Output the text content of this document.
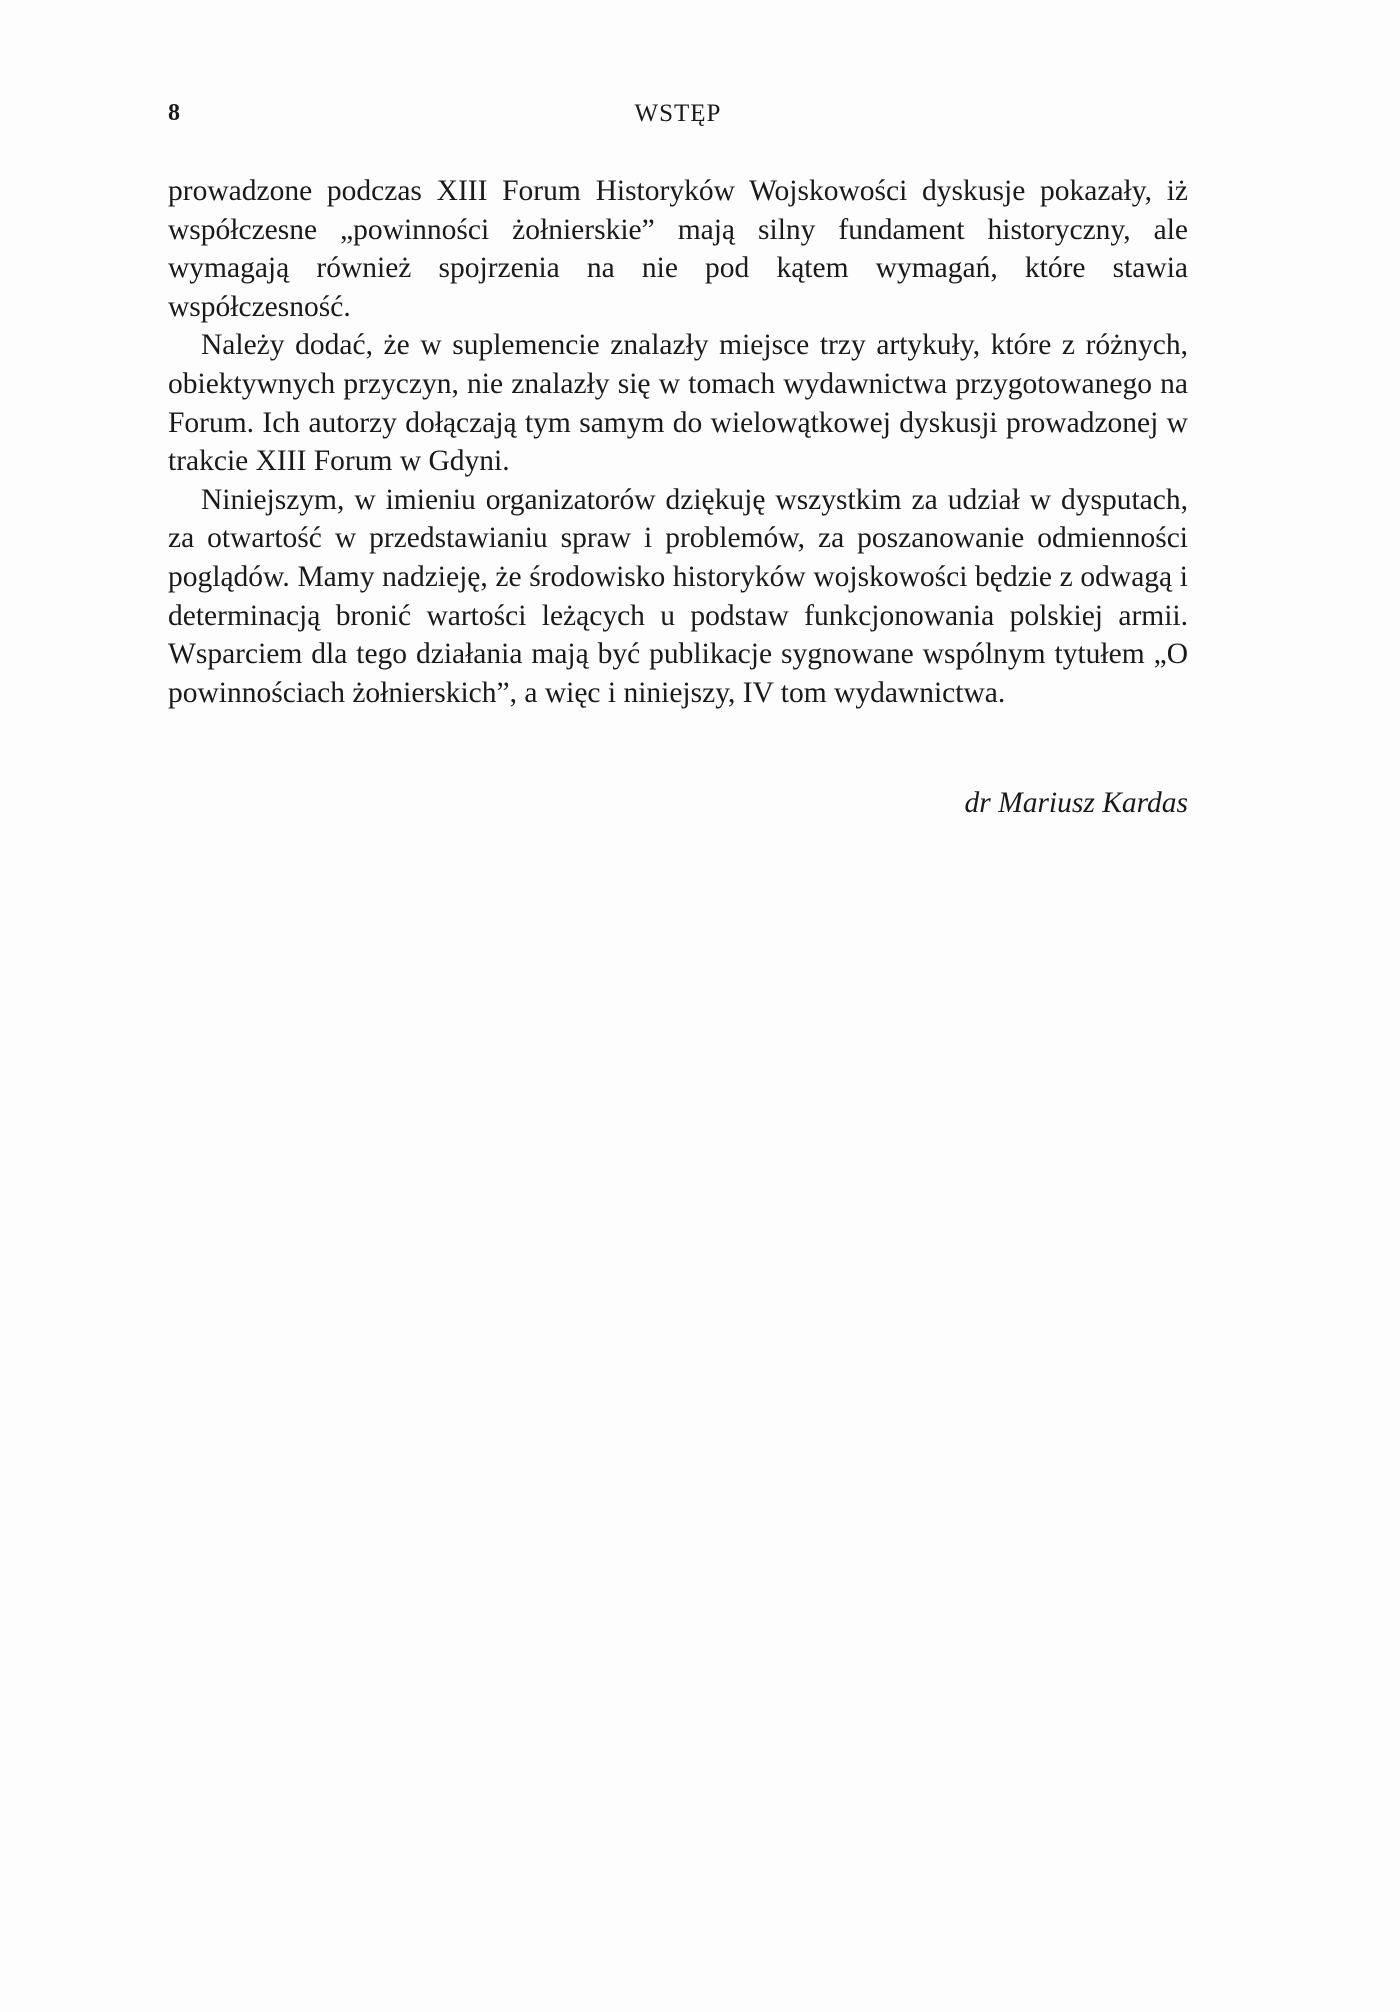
8	WSTĘP

prowadzone podczas XIII Forum Historyków Wojskowości dyskusje pokazały, iż współczesne „powinności żołnierskie” mają silny fundament historyczny, ale wymagają również spojrzenia na nie pod kątem wymagań, które stawia współczesność.

Należy dodać, że w suplemencie znalazły miejsce trzy artykuły, które z różnych, obiektywnych przyczyn, nie znalazły się w tomach wydawnictwa przygotowanego na Forum. Ich autorzy dołączają tym samym do wielowątkowej dyskusji prowadzonej w trakcie XIII Forum w Gdyni.

Niniejszym, w imieniu organizatorów dziękuję wszystkim za udział w dysputach, za otwartość w przedstawianiu spraw i problemów, za poszanowanie odmienności poglądów. Mamy nadzieję, że środowisko historyków wojskowości będzie z odwagą i determinacją bronić wartości leżących u podstaw funkcjonowania polskiej armii. Wsparciem dla tego działania mają być publikacje sygnowane wspólnym tytułem „O powinnościach żołnierskich”, a więc i niniejszy, IV tom wydawnictwa.

dr Mariusz Kardas
